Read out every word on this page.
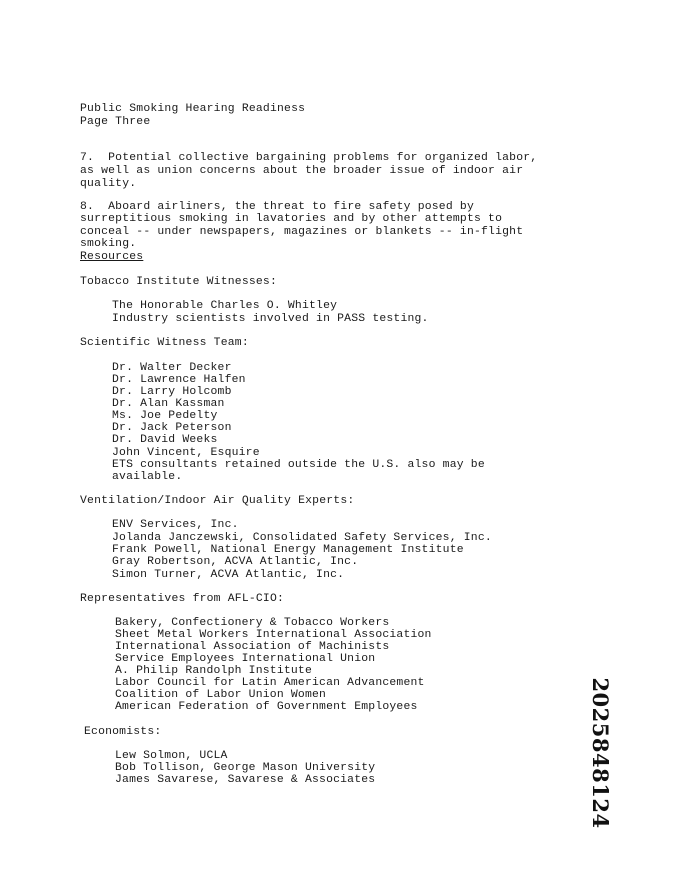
Public Smoking Hearing Readiness
Page Three
7.  Potential collective bargaining problems for organized labor,
as well as union concerns about the broader issue of indoor air
quality.
8.  Aboard airliners, the threat to fire safety posed by
surreptitious smoking in lavatories and by other attempts to
conceal -- under newspapers, magazines or blankets -- in-flight
smoking.
Resources
Tobacco Institute Witnesses:
The Honorable Charles O. Whitley
Industry scientists involved in PASS testing.
Scientific Witness Team:
Dr. Walter Decker
Dr. Lawrence Halfen
Dr. Larry Holcomb
Dr. Alan Kassman
Ms. Joe Pedelty
Dr. Jack Peterson
Dr. David Weeks
John Vincent, Esquire
ETS consultants retained outside the U.S. also may be
available.
Ventilation/Indoor Air Quality Experts:
ENV Services, Inc.
Jolanda Janczewski, Consolidated Safety Services, Inc.
Frank Powell, National Energy Management Institute
Gray Robertson, ACVA Atlantic, Inc.
Simon Turner, ACVA Atlantic, Inc.
Representatives from AFL-CIO:
Bakery, Confectionery & Tobacco Workers
Sheet Metal Workers International Association
International Association of Machinists
Service Employees International Union
A. Philip Randolph Institute
Labor Council for Latin American Advancement
Coalition of Labor Union Women
American Federation of Government Employees
Economists:
Lew Solmon, UCLA
Bob Tollison, George Mason University
James Savarese, Savarese & Associates	2025848124
